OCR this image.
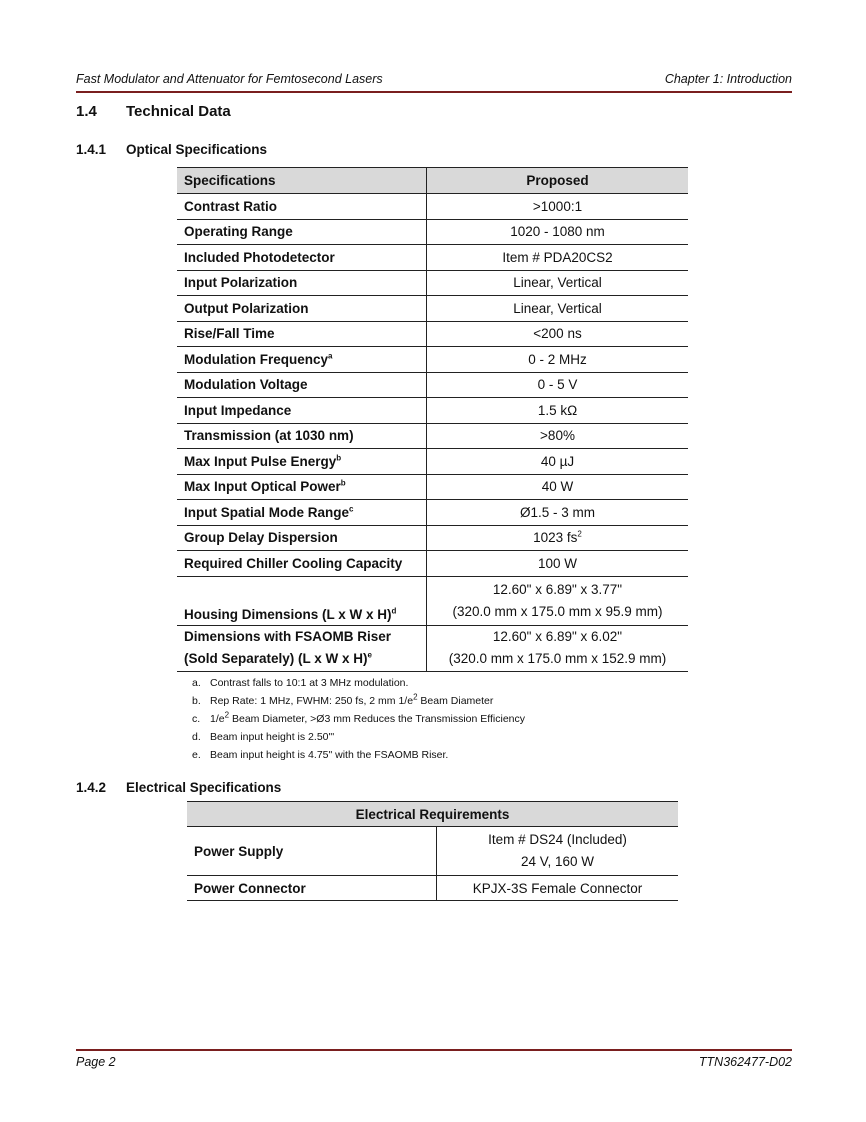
Fast Modulator and Attenuator for Femtosecond Lasers	Chapter 1: Introduction
1.4 Technical Data
1.4.1 Optical Specifications
Specifications	Proposed
Contrast Ratio	>1000:1
Operating Range	1020 - 1080 nm
Included Photodetector	Item # PDA20CS2
Input Polarization	Linear, Vertical
Output Polarization	Linear, Vertical
Rise/Fall Time	<200 ns
Modulation Frequency$^a$	0 - 2 MHz
Modulation Voltage	0 - 5 V
Input Impedance	1.5 kΩ
Transmission (at 1030 nm)	>80%
Max Input Pulse Energy$^b$	40 µJ
Max Input Optical Power$^b$	40 W
Input Spatial Mode Range$^c$	Ø1.5 - 3 mm
Group Delay Dispersion	1023 $fs^2$
Required Chiller Cooling Capacity	100 W
Housing Dimensions (L x W x H)$^d$	12.60" x 6.89" x 3.77"
(320.0 mm x 175.0 mm x 95.9 mm)

Dimensions with FSAOMB Riser
(Sold Separately) (L x W x H)$^e$	12.60" x 6.89" x 6.02"
(320.0 mm x 175.0 mm x 152.9 mm)
a. Contrast falls to 10:1 at 3 MHz modulation.
b. Rep Rate: 1 MHz, FWHM: 250 fs, 2 mm $1/e^2$ Beam Diameter
c. $1/e^2$ Beam Diameter, >Ø3 mm Reduces the Transmission Efficiency
d. Beam input height is 2.50"'
e. Beam input height is 4.75" with the FSAOMB Riser.
1.4.2 Electrical Specifications
Electrical Requirements	
Power Supply	Item # DS24 (Included)
24 V, 160 W

Power Connector	KPJX-3S Female Connector
Page 2	TTN362477-D02
